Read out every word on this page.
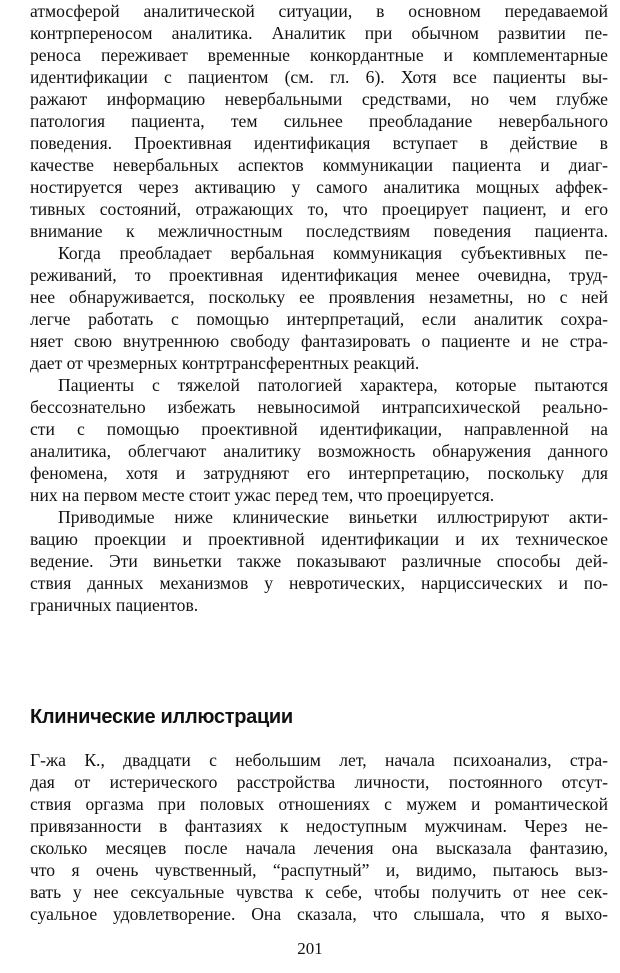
атмосферой аналитической ситуации, в основном передаваемой
контрпереносом аналитика. Аналитик при обычном развитии пе-
реноса переживает временные конкордантные и комплементарные
идентификации с пациентом (см. гл. 6). Хотя все пациенты вы-
ражают информацию невербальными средствами, но чем глубже
патология пациента, тем сильнее преобладание невербального
поведения. Проективная идентификация вступает в действие в
качестве невербальных аспектов коммуникации пациента и диаг-
ностируется через активацию у самого аналитика мощных аффек-
тивных состояний, отражающих то, что проецирует пациент, и его
внимание к межличностным последствиям поведения пациента.
Когда преобладает вербальная коммуникация субъективных пе-
реживаний, то проективная идентификация менее очевидна, труд-
нее обнаруживается, поскольку ее проявления незаметны, но с ней
легче работать с помощью интерпретаций, если аналитик сохра-
няет свою внутреннюю свободу фантазировать о пациенте и не стра-
дает от чрезмерных контртрансферентных реакций.
Пациенты с тяжелой патологией характера, которые пытаются
бессознательно избежать невыносимой интрапсихической реально-
сти с помощью проективной идентификации, направленной на
аналитика, облегчают аналитику возможность обнаружения данного
феномена, хотя и затрудняют его интерпретацию, поскольку для
них на первом месте стоит ужас перед тем, что проецируется.
Приводимые ниже клинические виньетки иллюстрируют акти-
вацию проекции и проективной идентификации и их техническое
ведение. Эти виньетки также показывают различные способы дей-
ствия данных механизмов у невротических, нарциссических и по-
граничных пациентов.
Клинические иллюстрации
Г-жа К., двадцати с небольшим лет, начала психоанализ, стра-
дая от истерического расстройства личности, постоянного отсут-
ствия оргазма при половых отношениях с мужем и романтической
привязанности в фантазиях к недоступным мужчинам. Через не-
сколько месяцев после начала лечения она высказала фантазию,
что я очень чувственный, “распутный” и, видимо, пытаюсь выз-
вать у нее сексуальные чувства к себе, чтобы получить от нее сек-
суальное удовлетворение. Она сказала, что слышала, что я выхо-
201
